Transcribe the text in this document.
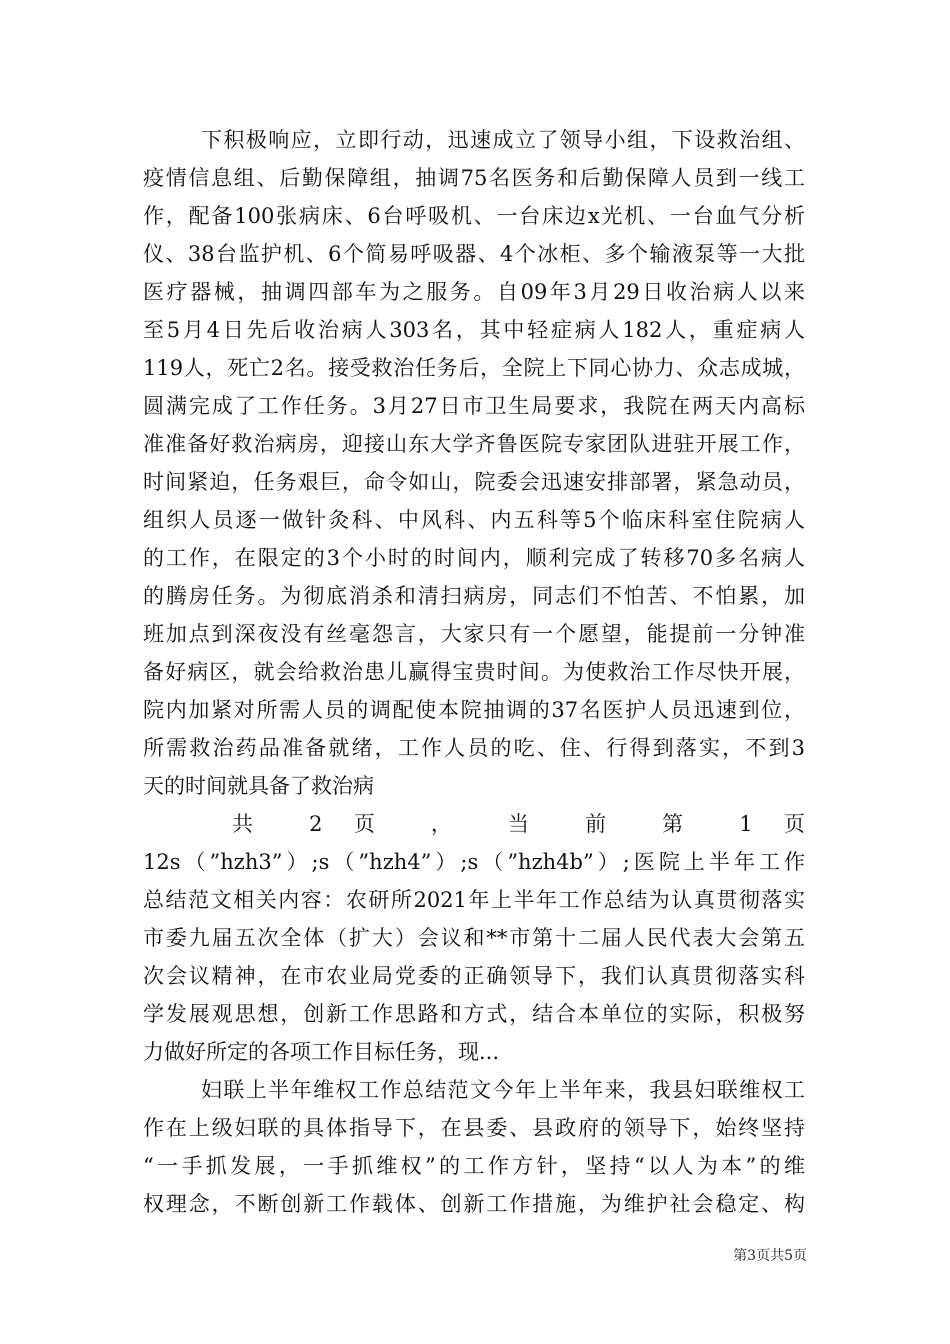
下积极响应，立即行动，迅速成立了领导小组，下设救治组、
疫情信息组、后勤保障组，抽调75名医务和后勤保障人员到一线工
作，配备100张病床、6台呼吸机、一台床边x光机、一台血气分析
仪、38台监护机、6个简易呼吸器、4个冰柜、多个输液泵等一大批
医疗器械，抽调四部车为之服务。自09年3月29日收治病人以来
至5月4日先后收治病人303名，其中轻症病人182人，重症病人
119人，死亡2名。接受救治任务后，全院上下同心协力、众志成城，
圆满完成了工作任务。3月27日市卫生局要求，我院在两天内高标
准准备好救治病房，迎接山东大学齐鲁医院专家团队进驻开展工作，
时间紧迫，任务艰巨，命令如山，院委会迅速安排部署，紧急动员，
组织人员逐一做针灸科、中风科、内五科等5个临床科室住院病人
的工作，在限定的3个小时的时间内，顺利完成了转移70多名病人
的腾房任务。为彻底消杀和清扫病房，同志们不怕苦、不怕累，加
班加点到深夜没有丝毫怨言，大家只有一个愿望，能提前一分钟准
备好病区，就会给救治患儿赢得宝贵时间。为使救治工作尽快开展，
院内加紧对所需人员的调配使本院抽调的37名医护人员迅速到位，
所需救治药品准备就绪，工作人员的吃、住、行得到落实，不到3
天的时间就具备了救治病
共 2 页 ， 当 前 第 1 页
12s（”hzh3”）;s（”hzh4”）;s（”hzh4b”）;医院上半年工作
总结范文相关内容：农研所2021年上半年工作总结为认真贯彻落实
市委九届五次全体（扩大）会议和**市第十二届人民代表大会第五
次会议精神，在市农业局党委的正确领导下，我们认真贯彻落实科
学发展观思想，创新工作思路和方式，结合本单位的实际，积极努
力做好所定的各项工作目标任务，现...
妇联上半年维权工作总结范文今年上半年来，我县妇联维权工
作在上级妇联的具体指导下，在县委、县政府的领导下，始终坚持
“一手抓发展，一手抓维权”的工作方针，坚持“以人为本”的维
权理念，不断创新工作载体、创新工作措施，为维护社会稳定、构
第3页共5页
